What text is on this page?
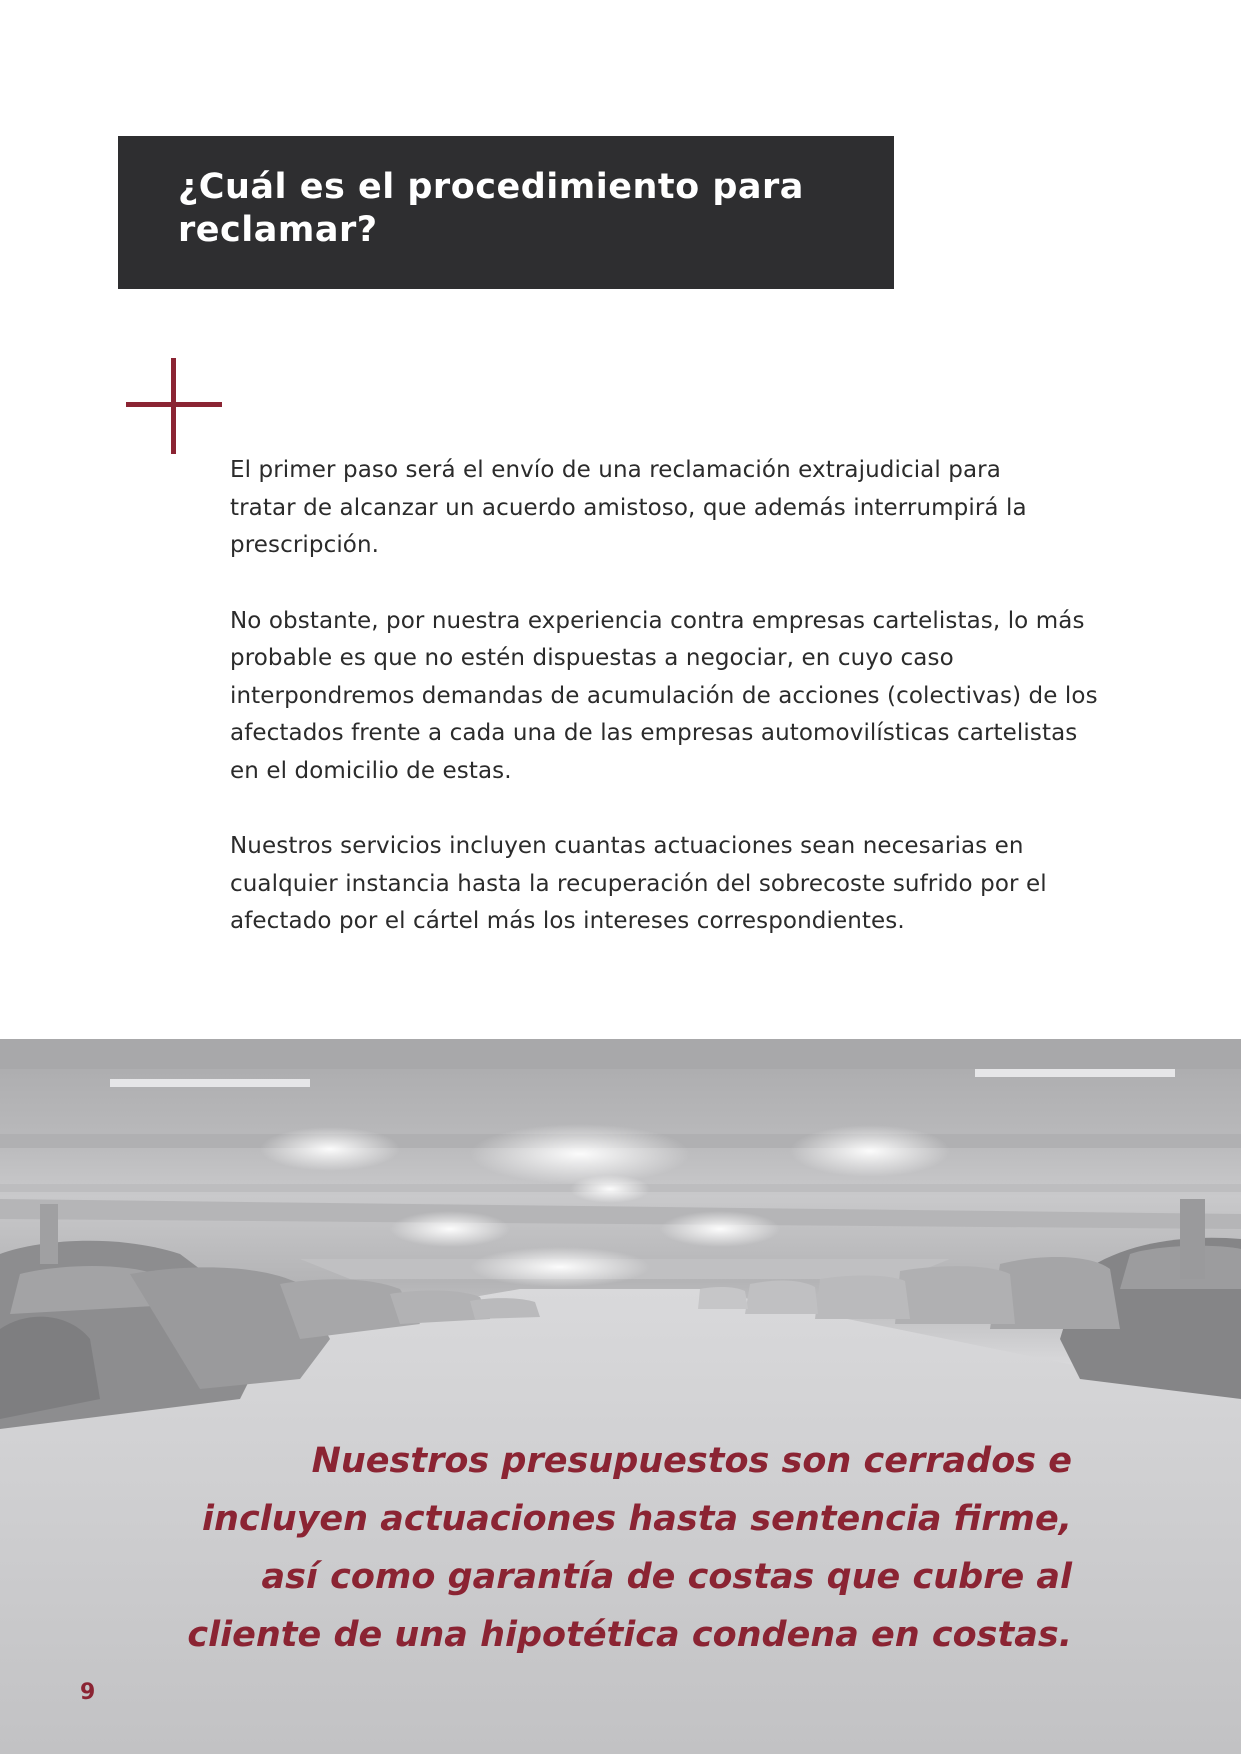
¿Cuál es el procedimiento para
reclamar?

El primer paso será el envío de una reclamación extrajudicial para tratar de alcanzar un acuerdo amistoso, que además interrumpirá la prescripción.

No obstante, por nuestra experiencia contra empresas cartelistas, lo más probable es que no estén dispuestas a negociar, en cuyo caso interpondremos demandas de acumulación de acciones (colectivas) de los afectados frente a cada una de las empresas automovilísticas cartelistas en el domicilio de estas.

Nuestros servicios incluyen cuantas actuaciones sean necesarias en cualquier instancia hasta la recuperación del sobrecoste sufrido por el afectado por el cártel más los intereses correspondientes.

Nuestros presupuestos son cerrados e
incluyen actuaciones hasta sentencia firme,
así como garantía de costas que cubre al
cliente de una hipotética condena en costas.

9
